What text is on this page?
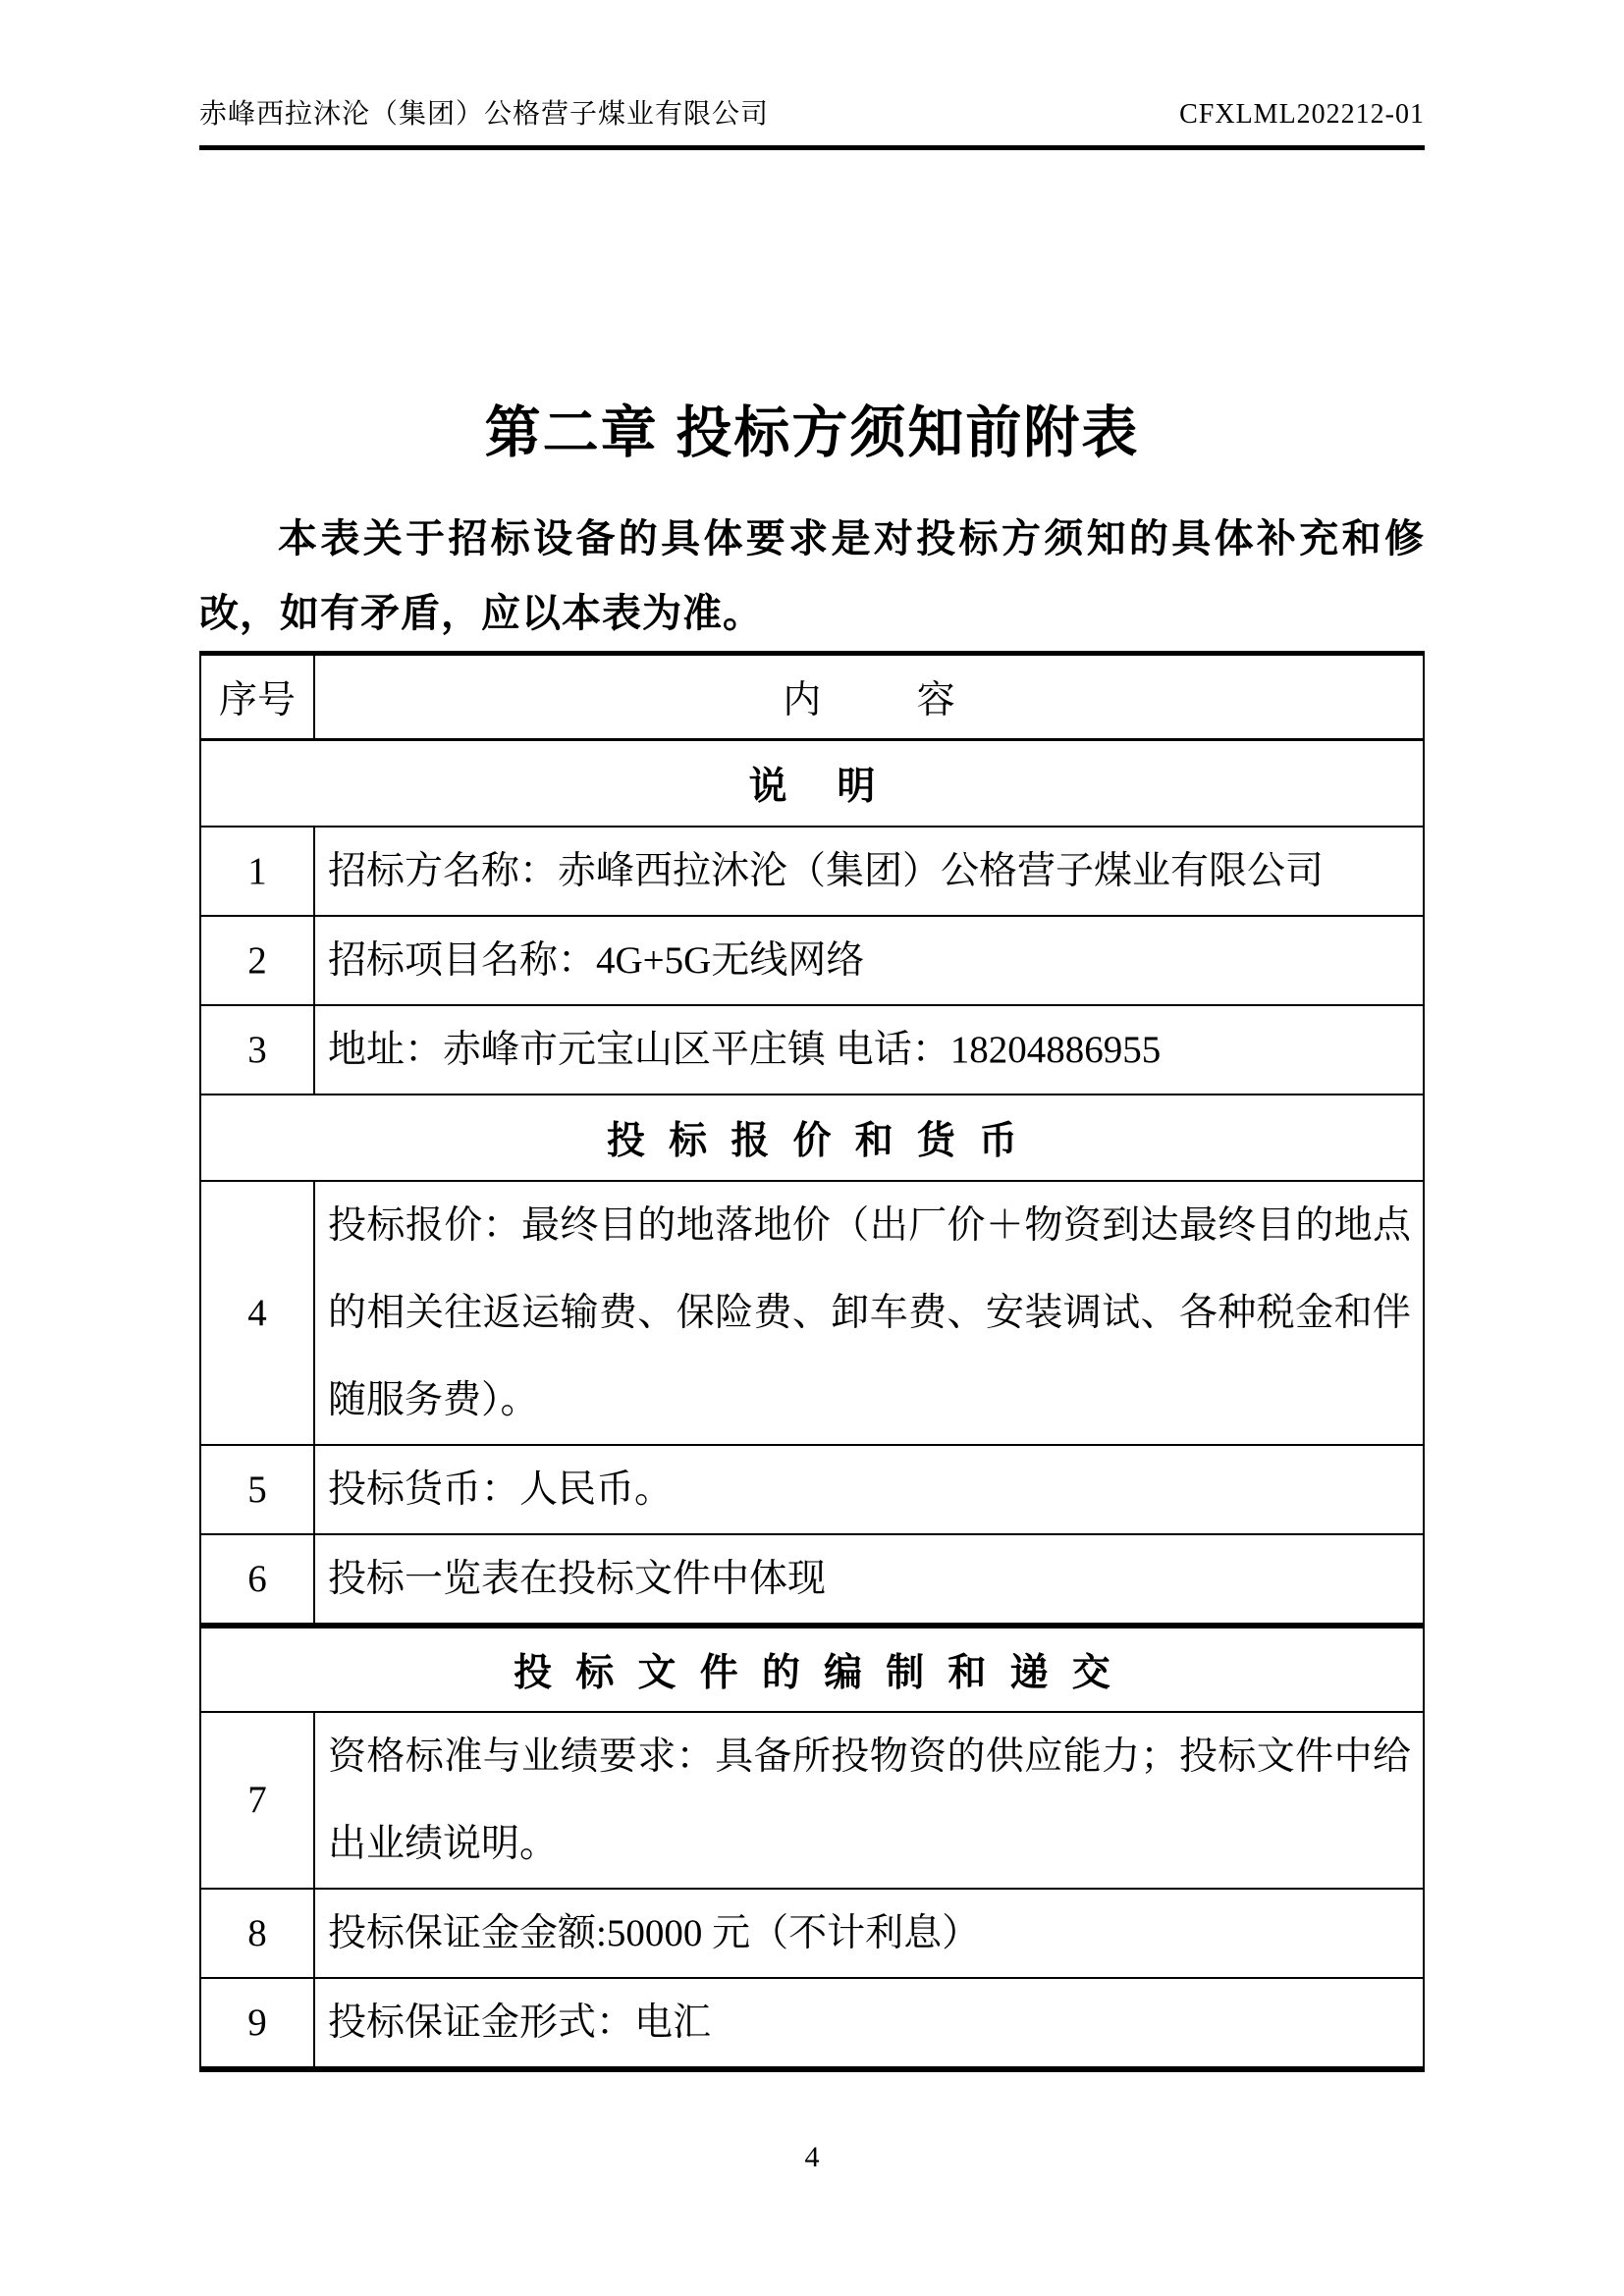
赤峰西拉沐沦（集团）公格营子煤业有限公司	CFXLML202212-01
第二章 投标方须知前附表

本表关于招标设备的具体要求是对投标方须知的具体补充和修改，如有矛盾，应以本表为准。

序号	内容
说明	
1	招标方名称：赤峰西拉沐沦（集团）公格营子煤业有限公司
2	招标项目名称：4G+5G无线网络
3	地址：赤峰市元宝山区平庄镇 电话：18204886955
投标报价和货币	
4	投标报价：最终目的地落地价（出厂价＋物资到达最终目的地点的相关往返运输费、保险费、卸车费、安装调试、各种税金和伴随服务费）。
5	投标货币：人民币。
6	投标一览表在投标文件中体现
投标文件的编制和递交	
7	资格标准与业绩要求：具备所投物资的供应能力；投标文件中给出业绩说明。
8	投标保证金金额:50000 元（不计利息）
9	投标保证金形式：电汇
4
